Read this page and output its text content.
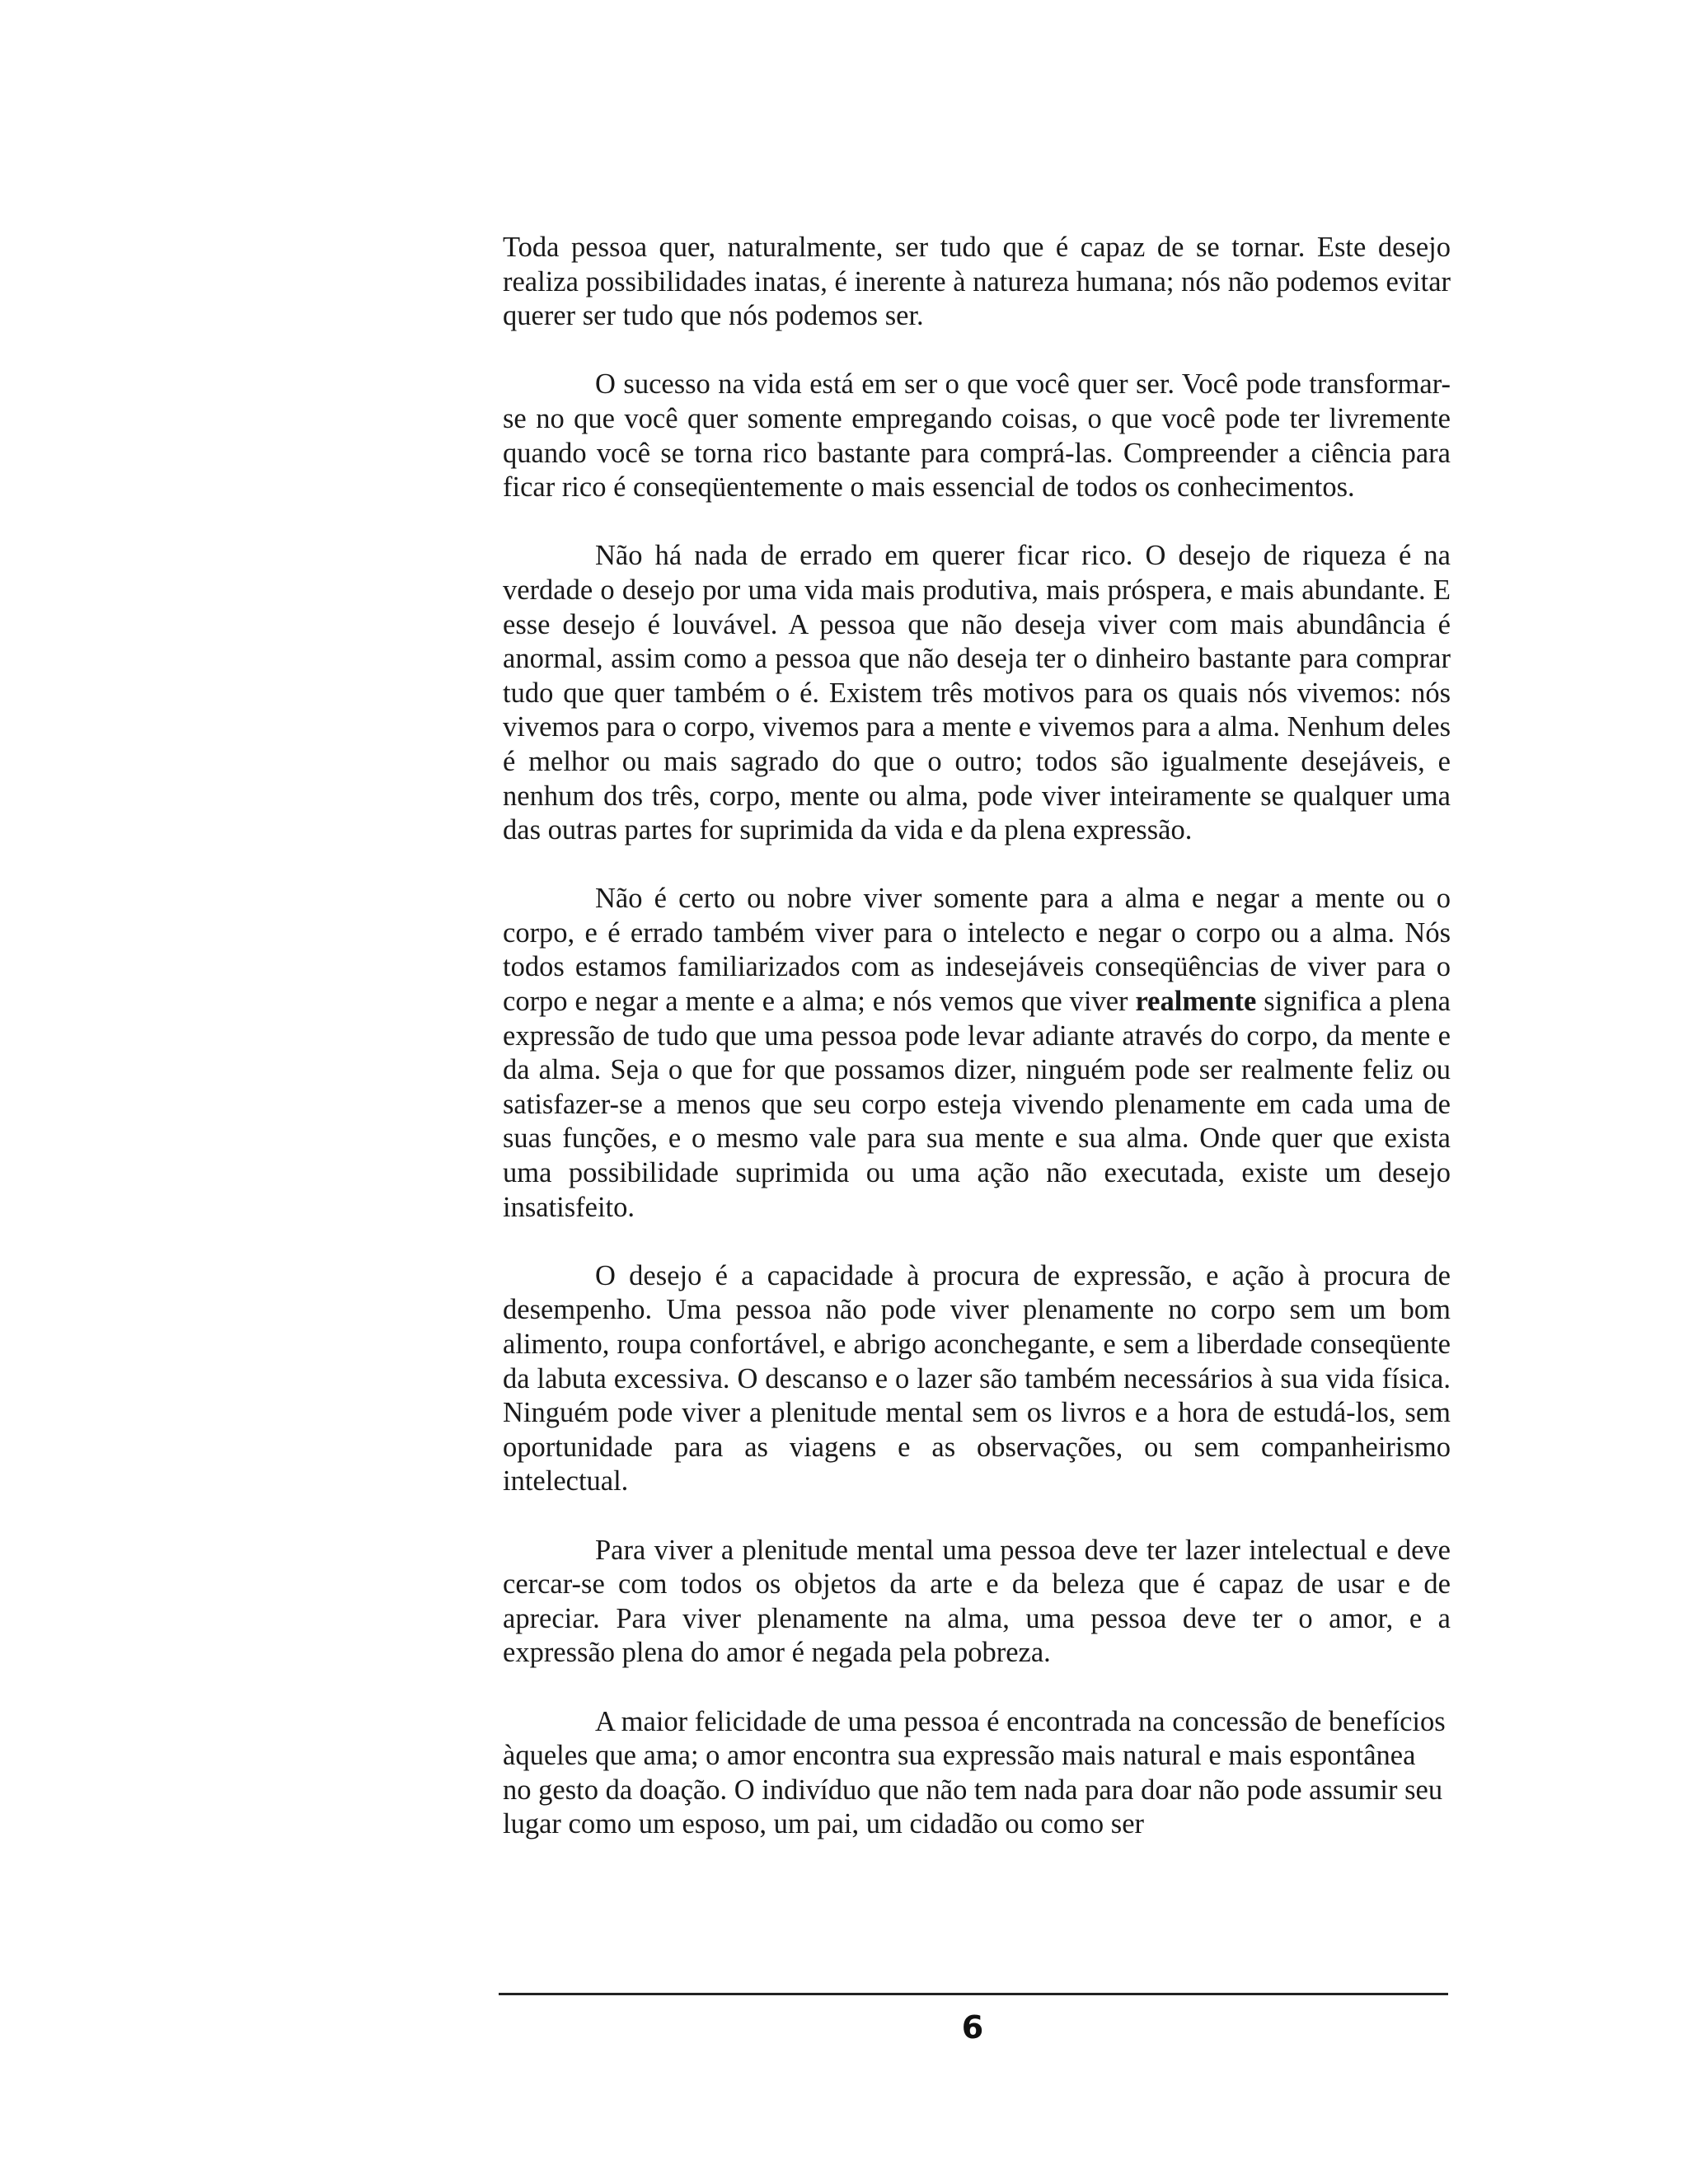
Toda pessoa quer, naturalmente, ser tudo que é capaz de se tornar. Este desejo realiza possibilidades inatas, é inerente à natureza humana; nós não podemos evitar querer ser tudo que nós podemos ser.

O sucesso na vida está em ser o que você quer ser. Você pode transformar-se no que você quer somente empregando coisas, o que você pode ter livremente quando você se torna rico bastante para comprá-las. Compreender a ciência para ficar rico é conseqüentemente o mais essencial de todos os conhecimentos.

Não há nada de errado em querer ficar rico. O desejo de riqueza é na verdade o desejo por uma vida mais produtiva, mais próspera, e mais abundante. E esse desejo é louvável. A pessoa que não deseja viver com mais abundância é anormal, assim como a pessoa que não deseja ter o dinheiro bastante para comprar tudo que quer também o é. Existem três motivos para os quais nós vivemos: nós vivemos para o corpo, vivemos para a mente e vivemos para a alma. Nenhum deles é melhor ou mais sagrado do que o outro; todos são igualmente desejáveis, e nenhum dos três, corpo, mente ou alma, pode viver inteiramente se qualquer uma das outras partes for suprimida da vida e da plena expressão.

Não é certo ou nobre viver somente para a alma e negar a mente ou o corpo, e é errado também viver para o intelecto e negar o corpo ou a alma. Nós todos estamos familiarizados com as indesejáveis conseqüências de viver para o corpo e negar a mente e a alma; e nós vemos que viver realmente significa a plena expressão de tudo que uma pessoa pode levar adiante através do corpo, da mente e da alma. Seja o que for que possamos dizer, ninguém pode ser realmente feliz ou satisfazer-se a menos que seu corpo esteja vivendo plenamente em cada uma de suas funções, e o mesmo vale para sua mente e sua alma. Onde quer que exista uma possibilidade suprimida ou uma ação não executada, existe um desejo insatisfeito.

O desejo é a capacidade à procura de expressão, e ação à procura de desempenho. Uma pessoa não pode viver plenamente no corpo sem um bom alimento, roupa confortável, e abrigo aconchegante, e sem a liberdade conseqüente da labuta excessiva. O descanso e o lazer são também necessários à sua vida física. Ninguém pode viver a plenitude mental sem os livros e a hora de estudá-los, sem oportunidade para as viagens e as observações, ou sem companheirismo intelectual.

Para viver a plenitude mental uma pessoa deve ter lazer intelectual e deve cercar-se com todos os objetos da arte e da beleza que é capaz de usar e de apreciar. Para viver plenamente na alma, uma pessoa deve ter o amor, e a expressão plena do amor é negada pela pobreza.

A maior felicidade de uma pessoa é encontrada na concessão de benefícios àqueles que ama; o amor encontra sua expressão mais natural e mais espontânea no gesto da doação. O indivíduo que não tem nada para doar não pode assumir seu lugar como um esposo, um pai, um cidadão ou como ser

6
